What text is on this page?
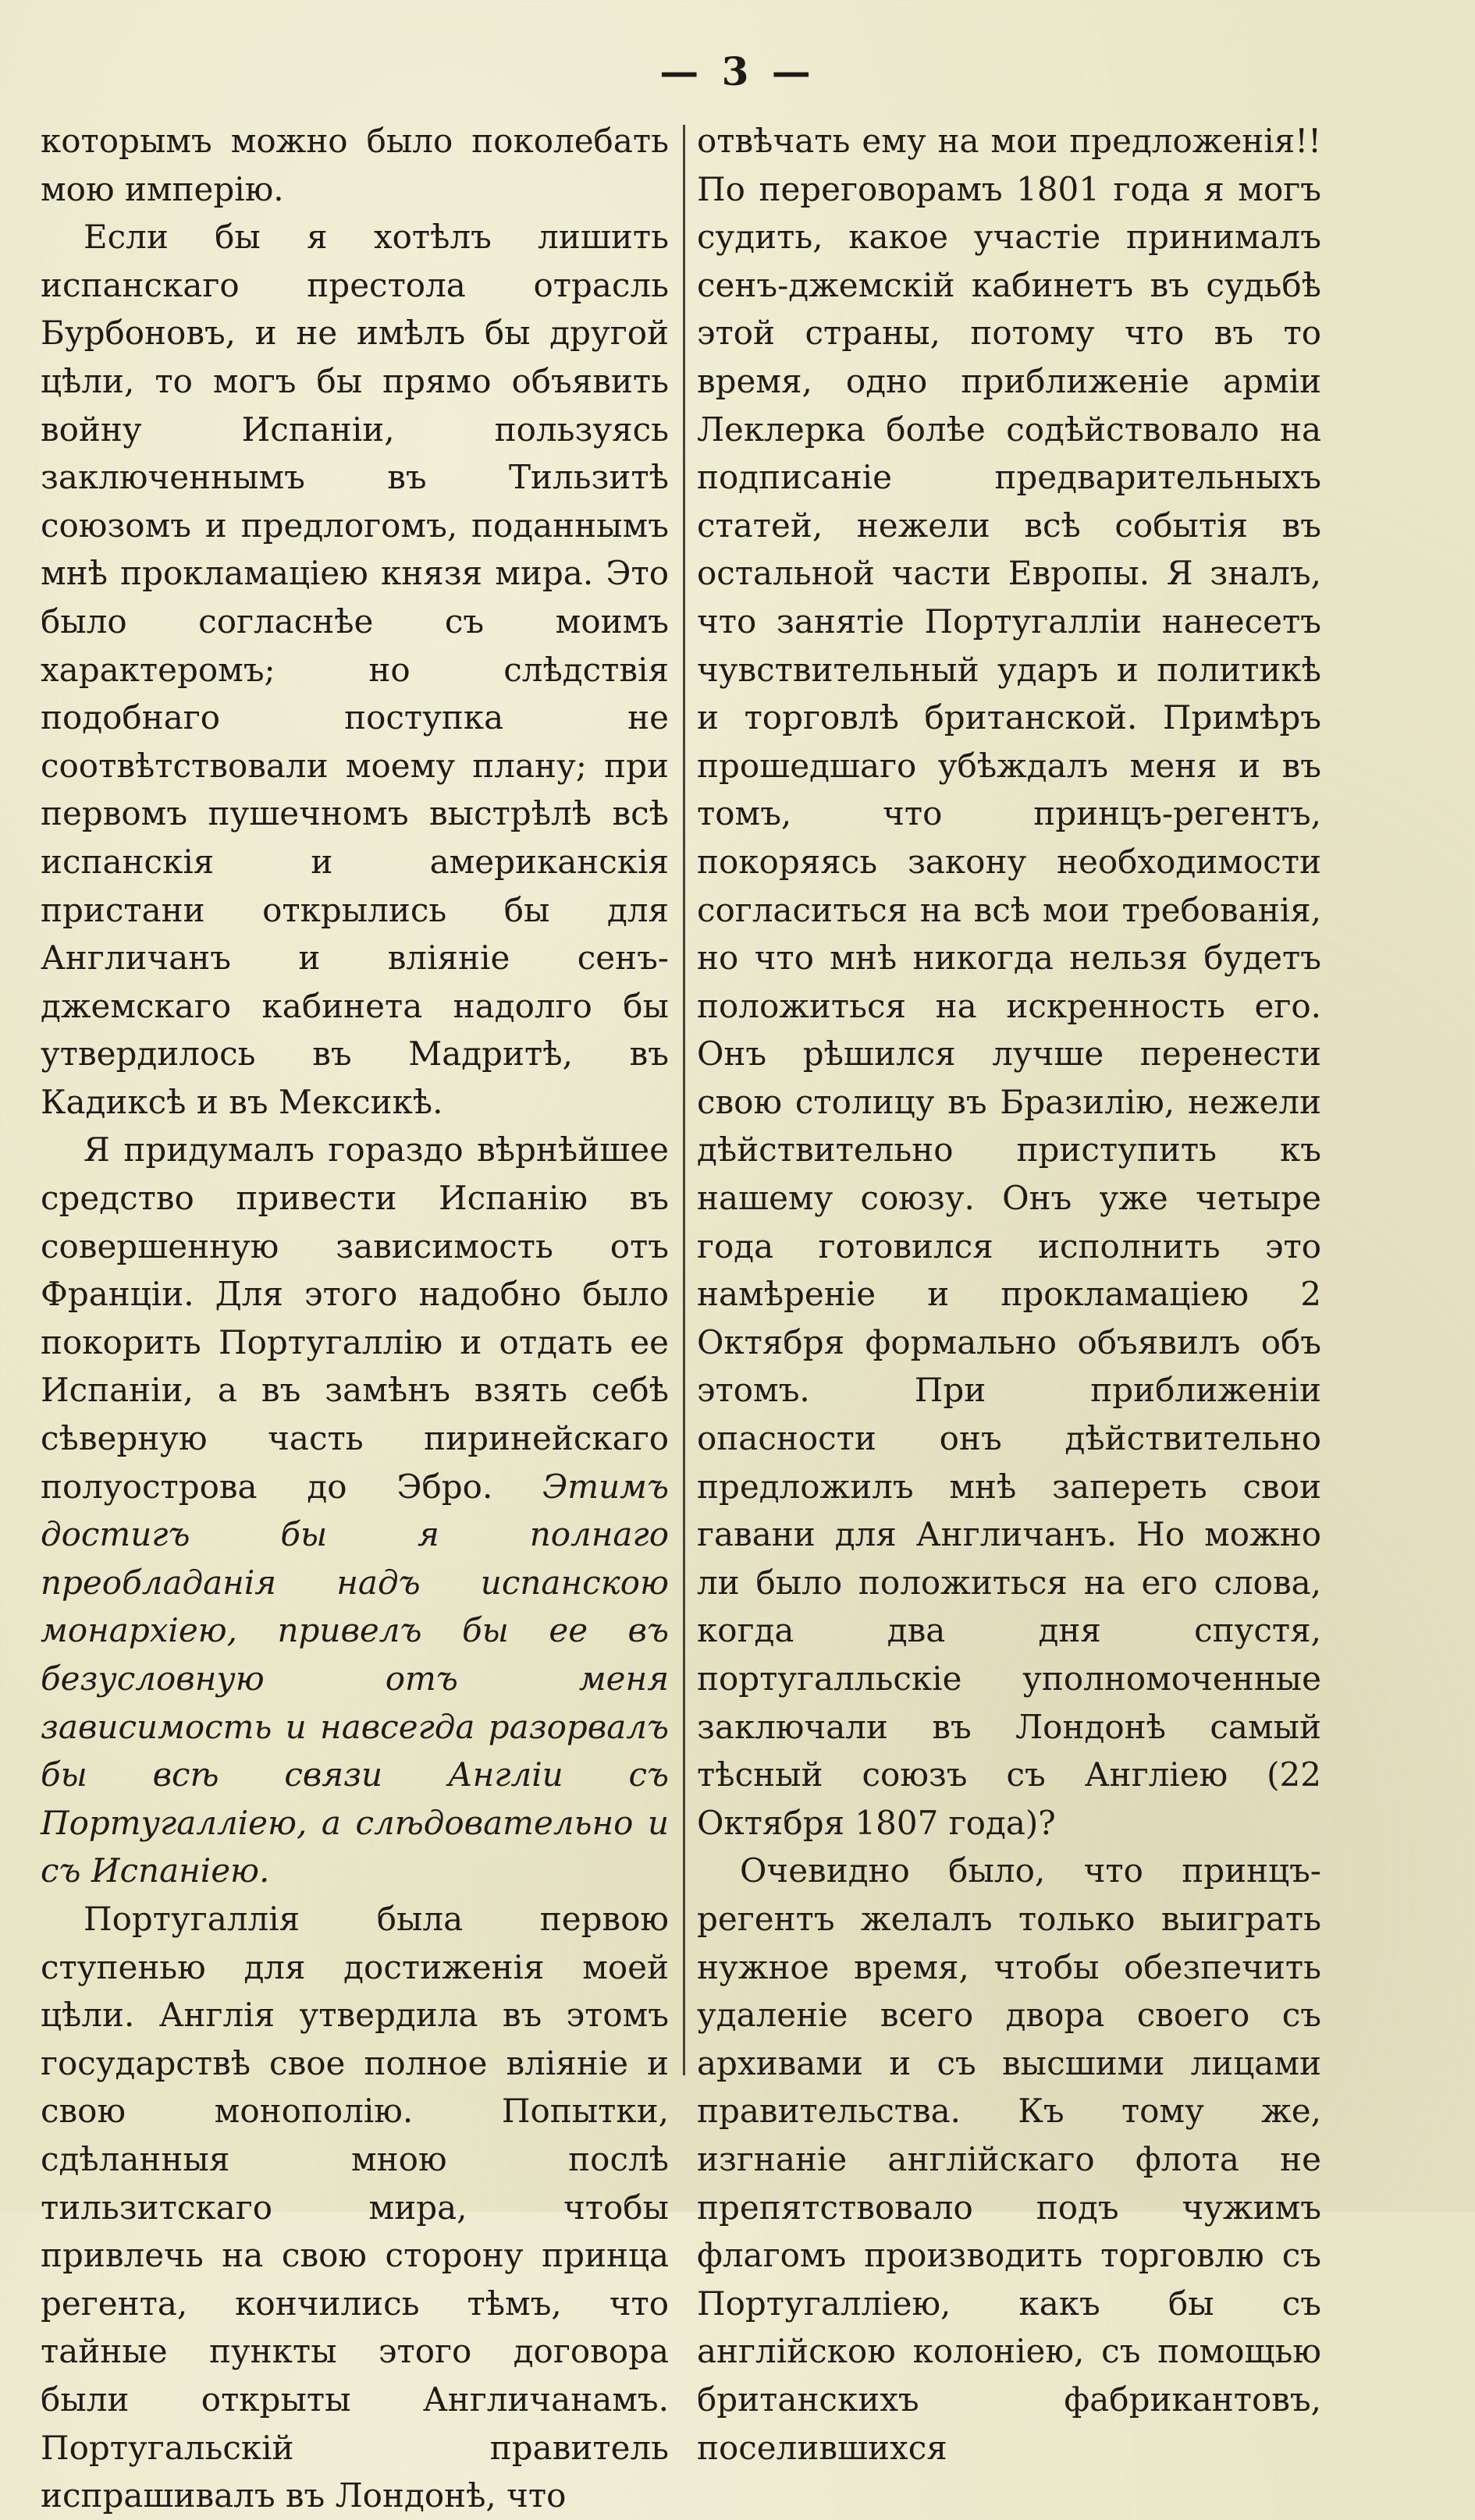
— 3 —

которымъ можно было поколебать мою имперію.

Если бы я хотѣлъ лишить испанскаго престола отрасль Бурбоновъ, и не имѣлъ бы другой цѣли, то могъ бы прямо объявить войну Испаніи, пользуясь заключеннымъ въ Тильзитѣ союзомъ и предлогомъ, поданнымъ мнѣ прокламаціею князя мира. Это было согласнѣе съ моимъ характеромъ; но слѣдствія подобнаго поступка не соотвѣтствовали моему плану; при первомъ пушечномъ выстрѣлѣ всѣ испанскія и американскія пристани открылись бы для Англичанъ и вліяніе сенъ-джемскаго кабинета надолго бы утвердилось въ Мадритѣ, въ Кадиксѣ и въ Мексикѣ.

Я придумалъ гораздо вѣрнѣйшее средство привести Испанію въ совершенную зависимость отъ Франціи. Для этого надобно было покорить Португаллію и отдать ее Испаніи, а въ замѣнъ взять себѣ сѣверную часть пиринейскаго полуострова до Эбро. Этимъ достигъ бы я полнаго преобладанія надъ испанскою монархіею, привелъ бы ее въ безусловную отъ меня зависимость и навсегда разорвалъ бы всѣ связи Англіи съ Португалліею, а слѣдовательно и съ Испаніею.

Португаллія была первою ступенью для достиженія моей цѣли. Англія утвердила въ этомъ государствѣ свое полное вліяніе и свою монополію. Попытки, сдѣланныя мною послѣ тильзитскаго мира, чтобы привлечь на свою сторону принца регента, кончились тѣмъ, что тайные пункты этого договора были открыты Англичанамъ. Португальскій правитель испрашивалъ въ Лондонѣ, что

отвѣчать ему на мои предложенія!! По переговорамъ 1801 года я могъ судить, какое участіе принималъ сенъ-джемскій кабинетъ въ судьбѣ этой страны, потому что въ то время, одно приближеніе арміи Леклерка болѣе содѣйствовало на подписаніе предварительныхъ статей, нежели всѣ событія въ остальной части Европы. Я зналъ, что занятіе Португалліи нанесетъ чувствительный ударъ и политикѣ и торговлѣ британской. Примѣръ прошедшаго убѣждалъ меня и въ томъ, что принцъ-регентъ, покоряясь закону необходимости согласиться на всѣ мои требованія, но что мнѣ никогда нельзя будетъ положиться на искренность его. Онъ рѣшился лучше перенести свою столицу въ Бразилію, нежели дѣйствительно приступить къ нашему союзу. Онъ уже четыре года готовился исполнить это намѣреніе и прокламаціею 2 Октября формально объявилъ объ этомъ. При приближеніи опасности онъ дѣйствительно предложилъ мнѣ запереть свои гавани для Англичанъ. Но можно ли было положиться на его слова, когда два дня спустя, португалльскіе уполномоченные заключали въ Лондонѣ самый тѣсный союзъ съ Англіею (22 Октября 1807 года)?

Очевидно было, что принцъ-регентъ желалъ только выиграть нужное время, чтобы обезпечить удаленіе всего двора своего съ архивами и съ высшими лицами правительства. Къ тому же, изгнаніе англійскаго флота не препятствовало подъ чужимъ флагомъ производить торговлю съ Португалліею, какъ бы съ англійскою колоніею, съ помощью британскихъ фабрикантовъ, поселившихся
